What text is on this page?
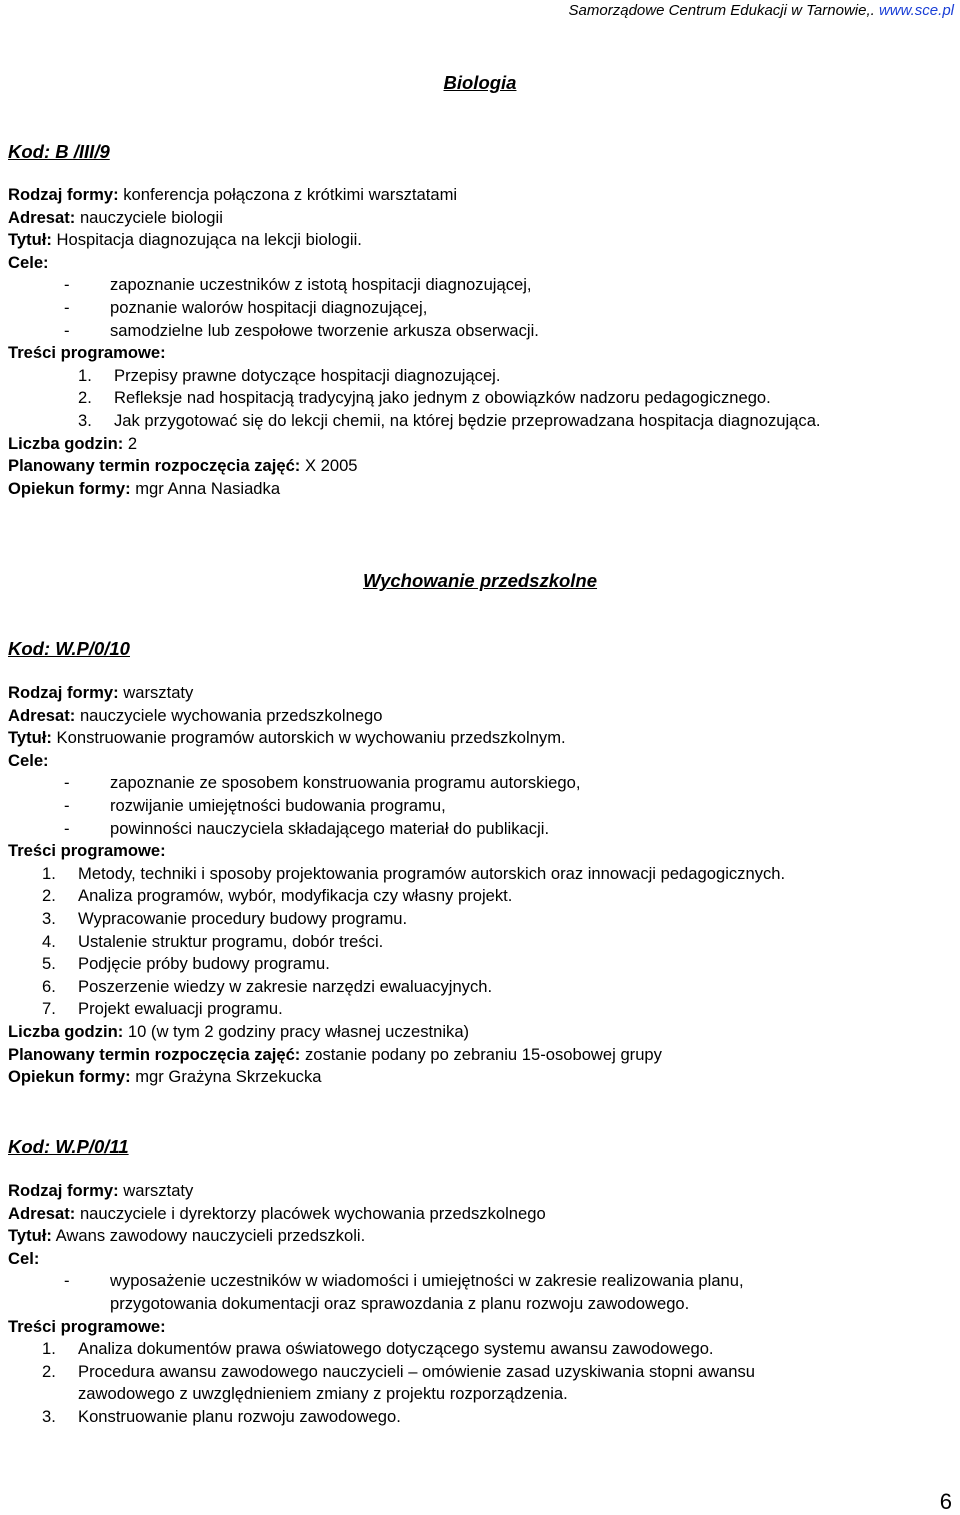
Samorządowe Centrum Edukacji w Tarnowie,. www.sce.pl
Biologia
Kod: B /III/9
Rodzaj formy: konferencja połączona z krótkimi warsztatami
Adresat: nauczyciele biologii
Tytuł: Hospitacja diagnozująca na lekcji biologii.
Cele:
- zapoznanie uczestników z istotą hospitacji diagnozującej,
- poznanie walorów hospitacji diagnozującej,
- samodzielne lub zespołowe tworzenie arkusza obserwacji.
Treści programowe:
1. Przepisy prawne dotyczące hospitacji diagnozującej.
2. Refleksje nad hospitacją tradycyjną jako jednym z obowiązków nadzoru pedagogicznego.
3. Jak przygotować się do lekcji chemii, na której będzie przeprowadzana hospitacja diagnozująca.
Liczba godzin: 2
Planowany termin rozpoczęcia zajęć: X 2005
Opiekun formy: mgr Anna Nasiadka
Wychowanie przedszkolne
Kod: W.P/0/10
Rodzaj formy: warsztaty
Adresat: nauczyciele wychowania przedszkolnego
Tytuł: Konstruowanie programów autorskich w wychowaniu przedszkolnym.
Cele:
- zapoznanie ze sposobem konstruowania programu autorskiego,
- rozwijanie umiejętności budowania programu,
- powinności nauczyciela składającego materiał do publikacji.
Treści programowe:
1. Metody, techniki i sposoby projektowania programów autorskich oraz innowacji pedagogicznych.
2. Analiza programów, wybór, modyfikacja czy własny projekt.
3. Wypracowanie procedury budowy programu.
4. Ustalenie struktur programu, dobór treści.
5. Podjęcie próby budowy programu.
6. Poszerzenie wiedzy w zakresie narzędzi ewaluacyjnych.
7. Projekt ewaluacji programu.
Liczba godzin: 10 (w tym 2 godziny pracy własnej uczestnika)
Planowany termin rozpoczęcia zajęć: zostanie podany po zebraniu 15-osobowej grupy
Opiekun formy: mgr Grażyna Skrzekucka
Kod: W.P/0/11
Rodzaj formy: warsztaty
Adresat: nauczyciele i dyrektorzy placówek wychowania przedszkolnego
Tytuł: Awans zawodowy nauczycieli przedszkoli.
Cel:
- wyposażenie uczestników w wiadomości i umiejętności w zakresie realizowania planu,
przygotowania dokumentacji oraz sprawozdania z planu rozwoju zawodowego.
Treści programowe:
1. Analiza dokumentów prawa oświatowego dotyczącego systemu awansu zawodowego.
2. Procedura awansu zawodowego nauczycieli – omówienie zasad uzyskiwania stopni awansu
zawodowego z uwzględnieniem zmiany z projektu rozporządzenia.
3. Konstruowanie planu rozwoju zawodowego.
6
